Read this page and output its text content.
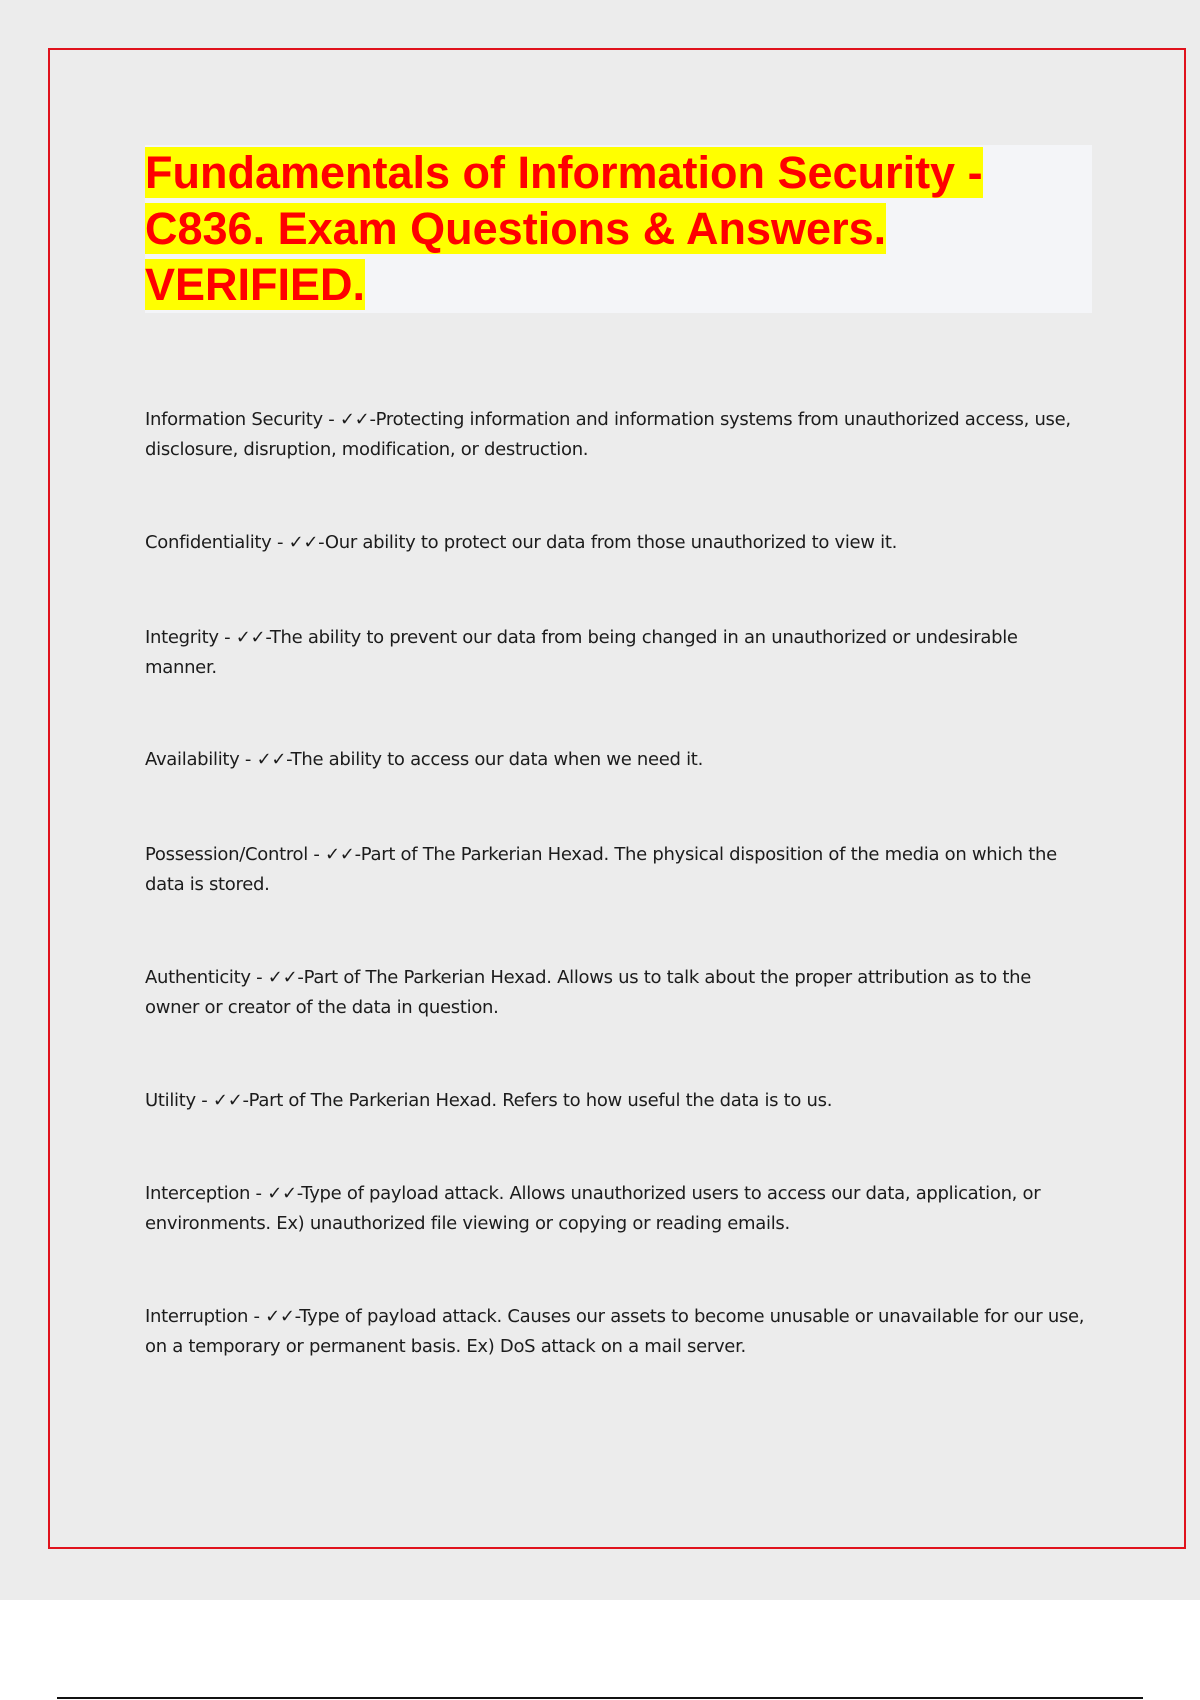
Fundamentals of Information Security - C836. Exam Questions & Answers. VERIFIED.
Information Security - ✓✓-Protecting information and information systems from unauthorized access, use, disclosure, disruption, modification, or destruction.
Confidentiality - ✓✓-Our ability to protect our data from those unauthorized to view it.
Integrity - ✓✓-The ability to prevent our data from being changed in an unauthorized or undesirable manner.
Availability - ✓✓-The ability to access our data when we need it.
Possession/Control - ✓✓-Part of The Parkerian Hexad. The physical disposition of the media on which the data is stored.
Authenticity - ✓✓-Part of The Parkerian Hexad. Allows us to talk about the proper attribution as to the owner or creator of the data in question.
Utility - ✓✓-Part of The Parkerian Hexad. Refers to how useful the data is to us.
Interception - ✓✓-Type of payload attack. Allows unauthorized users to access our data, application, or environments. Ex) unauthorized file viewing or copying or reading emails.
Interruption - ✓✓-Type of payload attack. Causes our assets to become unusable or unavailable for our use, on a temporary or permanent basis. Ex) DoS attack on a mail server.
